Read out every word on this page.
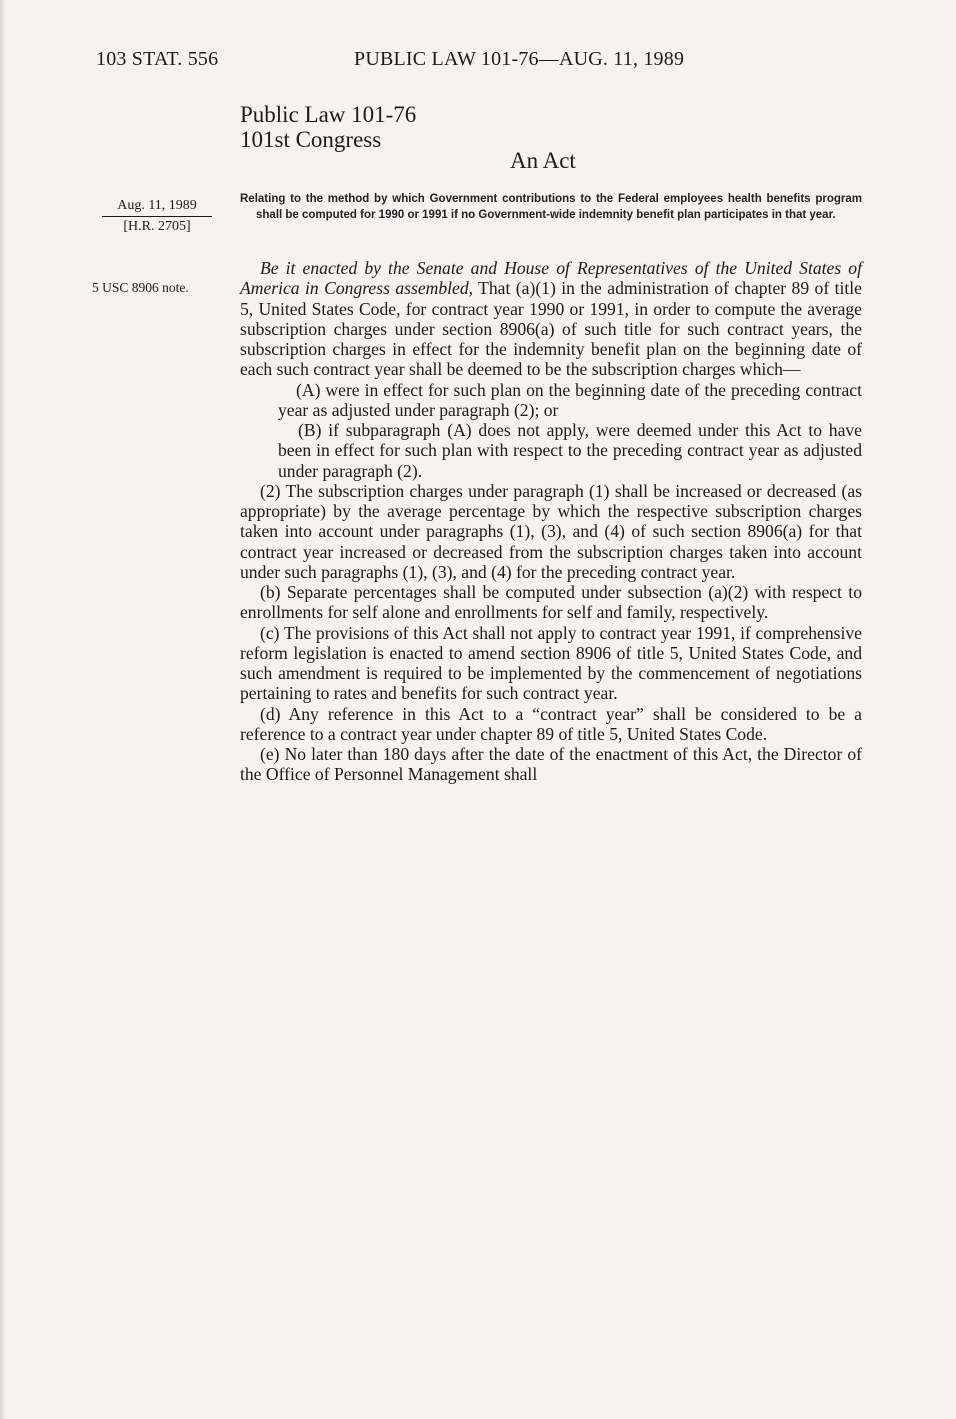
103 STAT. 556	PUBLIC LAW 101-76—AUG. 11, 1989
Public Law 101-76
101st Congress
An Act
Aug. 11, 1989
[H.R. 2705]
5 USC 8906 note.

Relating to the method by which Government contributions to the Federal employees health benefits program shall be computed for 1990 or 1991 if no Government-wide indemnity benefit plan participates in that year.

Be it enacted by the Senate and House of Representatives of the United States of America in Congress assembled, That (a)(1) in the administration of chapter 89 of title 5, United States Code, for contract year 1990 or 1991, in order to compute the average subscription charges under section 8906(a) of such title for such contract years, the subscription charges in effect for the indemnity benefit plan on the beginning date of each such contract year shall be deemed to be the subscription charges which—

(A) were in effect for such plan on the beginning date of the preceding contract year as adjusted under paragraph (2); or

(B) if subparagraph (A) does not apply, were deemed under this Act to have been in effect for such plan with respect to the preceding contract year as adjusted under paragraph (2).

(2) The subscription charges under paragraph (1) shall be increased or decreased (as appropriate) by the average percentage by which the respective subscription charges taken into account under paragraphs (1), (3), and (4) of such section 8906(a) for that contract year increased or decreased from the subscription charges taken into account under such paragraphs (1), (3), and (4) for the preceding contract year.

(b) Separate percentages shall be computed under subsection (a)(2) with respect to enrollments for self alone and enrollments for self and family, respectively.

(c) The provisions of this Act shall not apply to contract year 1991, if comprehensive reform legislation is enacted to amend section 8906 of title 5, United States Code, and such amendment is required to be implemented by the commencement of negotiations pertaining to rates and benefits for such contract year.

(d) Any reference in this Act to a “contract year” shall be considered to be a reference to a contract year under chapter 89 of title 5, United States Code.

(e) No later than 180 days after the date of the enactment of this Act, the Director of the Office of Personnel Management shall
